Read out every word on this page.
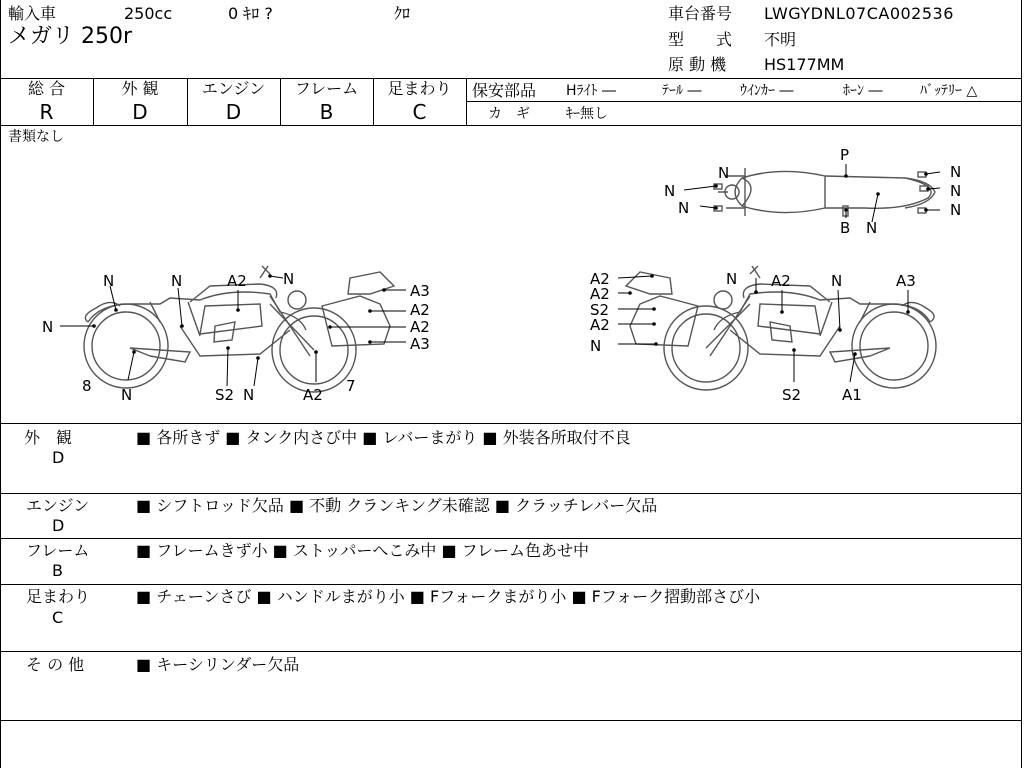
輸入車	250cc	0 ｷﾛ ?	ｸﾛ
メガリ 250r
車台番号 LWGYDNL07CA002536
型　　式 不明
原 動 機 HS177MM
総 合
R
外 観
D
エンジン
D
フレーム
B
足まわり
C
保安部品 Hﾗｲﾄ ―	ﾃｰﾙ ―	ｳｲﾝｶｰ ―	ﾎｰﾝ ―	ﾊﾞｯﾃﾘｰ △
カ　ギ	ｷｰ無し
書類なし
P
N
N
N
N
N
N
B N
N	N	A2 N
A3
A2
A2
A3
N
8 N	S2 N	A2 7
A2
A2
S2
A2
N
N A2	N	A3
S2	A1
外　観
D
■ 各所きず ■ タンク内さび中 ■ レバーまがり ■ 外装各所取付不良
エンジン
D
■ シフトロッド欠品 ■ 不動 クランキング未確認 ■ クラッチレバー欠品
フレーム
B
■ フレームきず小 ■ ストッパーへこみ中 ■ フレーム色あせ中
足まわり
C
■ チェーンさび ■ ハンドルまがり小 ■ Fフォークまがり小 ■ Fフォーク摺動部さび小
そ の 他	■ キーシリンダー欠品
